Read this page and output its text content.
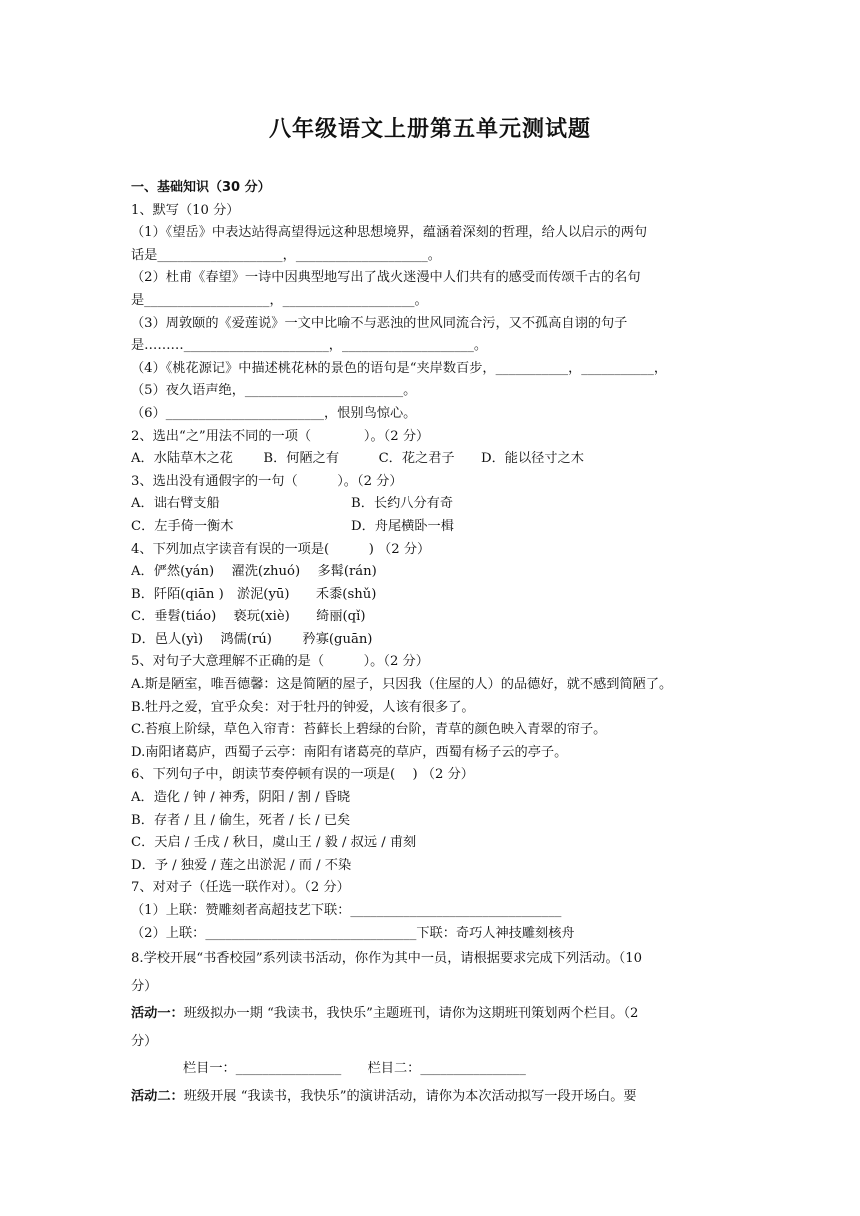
八年级语文上册第五单元测试题
一、基础知识（30 分）
1、默写（10 分）
（1）《望岳》中表达站得高望得远这种思想境界，蕴涵着深刻的哲理，给人以启示的两句
话是___________________，____________________。
（2）杜甫《春望》一诗中因典型地写出了战火迷漫中人们共有的感受而传颂千古的名句
是___________________，____________________。
（3）周敦颐的《爱莲说》一文中比喻不与恶浊的世风同流合污，又不孤高自诩的句子
是………______________________，____________________。
（4）《桃花源记》中描述桃花林的景色的语句是“夹岸数百步，___________，___________，
（5）夜久语声绝，________________________。
（6）________________________，恨别鸟惊心。
2、选出“之”用法不同的一项（　　　　）。（2 分）
A．水陆草木之花　　 B．何陋之有　　　C．花之君子　　D．能以径寸之木
3、选出没有通假字的一句（　　　）。（2 分）
A．诎右臂支船	B．长约八分有奇
C．左手倚一衡木	D．舟尾横卧一楫
4、下列加点字读音有误的一项是(　　　) （2 分）
A．俨然(yán)　 濯洗(zhuó)　 多髯(rán)
B．阡陌(qiān )　淤泥(yū)　　禾黍(shǔ)
C．垂髫(tiáo)　 亵玩(xiè)　　绮丽(qǐ)
D．邑人(yì)　 鸿儒(rú)　　 矜寡(guān)
5、对句子大意理解不正确的是（　　　）。（2 分）
A.斯是陋室，唯吾德馨：这是简陋的屋子，只因我（住屋的人）的品德好，就不感到简陋了。
B.牡丹之爱，宜乎众矣：对于牡丹的钟爱，人该有很多了。
C.苔痕上阶绿，草色入帘青：苔藓长上碧绿的台阶，青草的颜色映入青翠的帘子。
D.南阳诸葛庐，西蜀子云亭：南阳有诸葛亮的草庐，西蜀有杨子云的亭子。
6、下列句子中，朗读节奏停顿有误的一项是(　 ) （2 分）
A．造化 / 钟 / 神秀，阴阳 / 割 / 昏晓
B．存者 / 且 / 偷生，死者 / 长 / 已矣
C．天启 / 壬戌 / 秋日，虞山王 / 毅 / 叔远 / 甫刻
D．予 / 独爱 / 莲之出淤泥 / 而 / 不染
7、对对子（任选一联作对）。（2 分）
（1）上联：赞雕刻者高超技艺下联：________________________________
（2）上联：________________________________下联：奇巧人神技雕刻核舟
8.学校开展“书香校园”系列读书活动，你作为其中一员，请根据要求完成下列活动。（10
分）
活动一：班级拟办一期 “我读书，我快乐”主题班刊，请你为这期班刊策划两个栏目。（2
分）
栏目一：________________　　栏目二：________________
活动二：班级开展 “我读书，我快乐”的演讲活动，请你为本次活动拟写一段开场白。要
